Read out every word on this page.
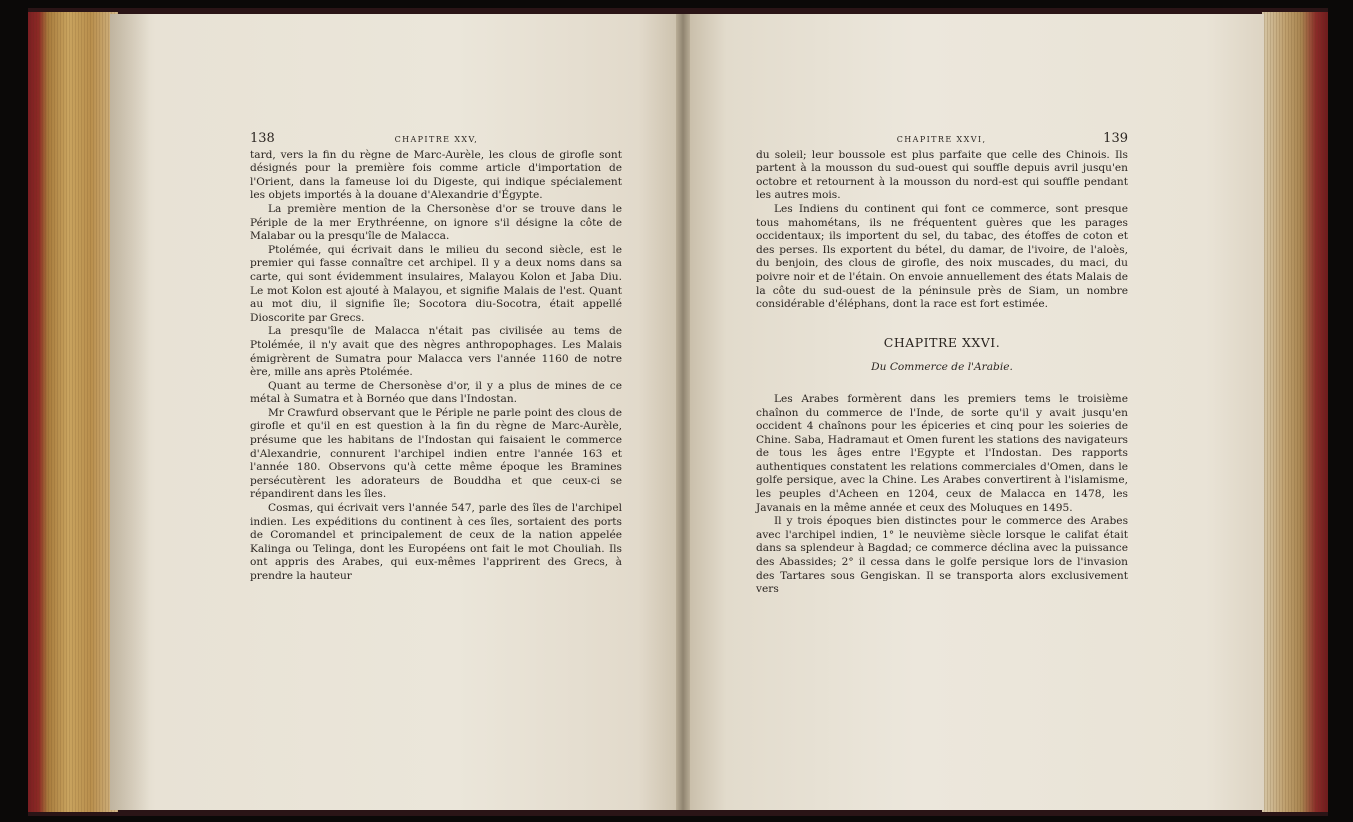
138	CHAPITRE XXV,

tard, vers la fin du règne de Marc-Aurèle, les clous de girofle sont désignés pour la première fois comme article d'importation de l'Orient, dans la fameuse loi du Digeste, qui indique spécialement les objets importés à la douane d'Alexandrie d'Égypte.

La première mention de la Chersonèse d'or se trouve dans le Périple de la mer Erythréenne, on ignore s'il désigne la côte de Malabar ou la presqu'île de Malacca.

Ptolémée, qui écrivait dans le milieu du second siècle, est le premier qui fasse connaître cet archipel. Il y a deux noms dans sa carte, qui sont évidemment insulaires, Malayou Kolon et Jaba Diu. Le mot Kolon est ajouté à Malayou, et signifie Malais de l'est. Quant au mot diu, il signifie île; Socotora diu-Socotra, était appellé Dioscorite par Grecs.

La presqu'île de Malacca n'était pas civilisée au tems de Ptolémée, il n'y avait que des nègres anthropophages. Les Malais émigrèrent de Sumatra pour Malacca vers l'année 1160 de notre ère, mille ans après Ptolémée.

Quant au terme de Chersonèse d'or, il y a plus de mines de ce métal à Sumatra et à Bornéo que dans l'Indostan.

Mr Crawfurd observant que le Périple ne parle point des clous de girofle et qu'il en est question à la fin du règne de Marc-Aurèle, présume que les habitans de l'Indostan qui faisaient le commerce d'Alexandrie, connurent l'archipel indien entre l'année 163 et l'année 180. Observons qu'à cette même époque les Bramines persécutèrent les adorateurs de Bouddha et que ceux-ci se répandirent dans les îles.

Cosmas, qui écrivait vers l'année 547, parle des îles de l'archipel indien. Les expéditions du continent à ces îles, sortaient des ports de Coromandel et principalement de ceux de la nation appelée Kalinga ou Telinga, dont les Européens ont fait le mot Chouliah. Ils ont appris des Arabes, qui eux-mêmes l'apprirent des Grecs, à prendre la hauteur

CHAPITRE XXVI,	139

du soleil; leur boussole est plus parfaite que celle des Chinois. Ils partent à la mousson du sud-ouest qui souffle depuis avril jusqu'en octobre et retournent à la mousson du nord-est qui souffle pendant les autres mois.

Les Indiens du continent qui font ce commerce, sont presque tous mahométans, ils ne fréquentent guères que les parages occidentaux; ils importent du sel, du tabac, des étoffes de coton et des perses. Ils exportent du bétel, du damar, de l'ivoire, de l'aloès, du benjoin, des clous de girofle, des noix muscades, du maci, du poivre noir et de l'étain. On envoie annuellement des états Malais de la côte du sud-ouest de la péninsule près de Siam, un nombre considérable d'éléphans, dont la race est fort estimée.

CHAPITRE XXVI.
Du Commerce de l'Arabie.

Les Arabes formèrent dans les premiers tems le troisième chaînon du commerce de l'Inde, de sorte qu'il y avait jusqu'en occident 4 chaînons pour les épiceries et cinq pour les soieries de Chine. Saba, Hadramaut et Omen furent les stations des navigateurs de tous les âges entre l'Egypte et l'Indostan. Des rapports authentiques constatent les relations commerciales d'Omen, dans le golfe persique, avec la Chine. Les Arabes convertirent à l'islamisme, les peuples d'Acheen en 1204, ceux de Malacca en 1478, les Javanais en la même année et ceux des Moluques en 1495.

Il y trois époques bien distinctes pour le commerce des Arabes avec l'archipel indien, 1° le neuvième siècle lorsque le califat était dans sa splendeur à Bagdad; ce commerce déclina avec la puissance des Abassides; 2° il cessa dans le golfe persique lors de l'invasion des Tartares sous Gengiskan. Il se transporta alors exclusivement vers
